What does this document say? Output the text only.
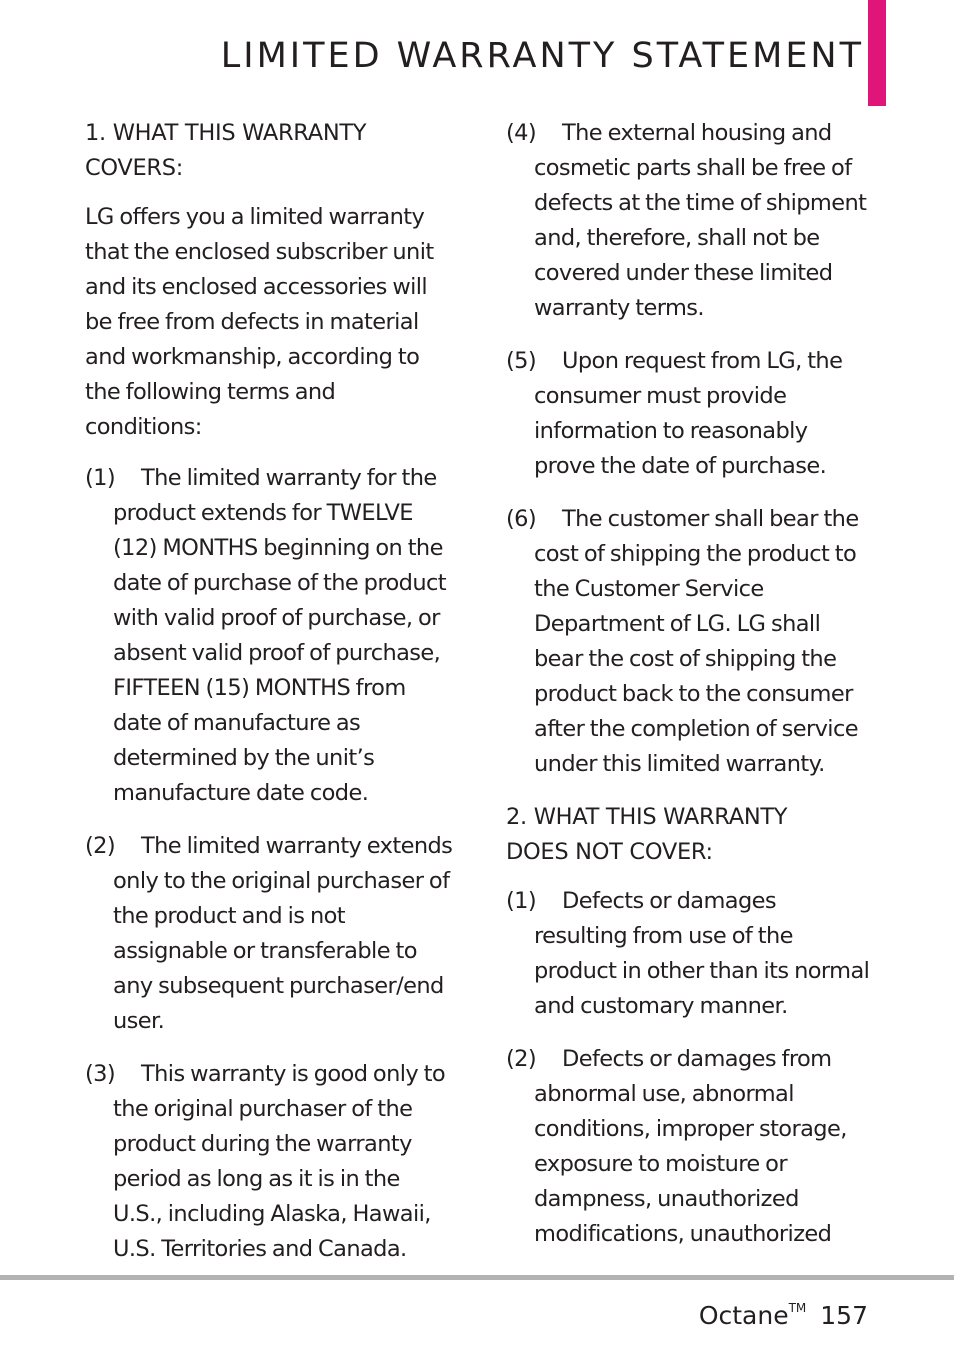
LIMITED WARRANTY STATEMENT
1. WHAT THIS WARRANTY
COVERS:

LG offers you a limited warranty that the enclosed subscriber unit and its enclosed accessories will be free from defects in material and workmanship, according to the following terms and conditions:

(1) The limited warranty for the product extends for TWELVE (12) MONTHS beginning on the date of purchase of the product with valid proof of purchase, or absent valid proof of purchase, FIFTEEN (15) MONTHS from date of manufacture as determined by the unit’s manufacture date code.

(2) The limited warranty extends only to the original purchaser of the product and is not assignable or transferable to any subsequent purchaser/end user.

(3) This warranty is good only to the original purchaser of the product during the warranty period as long as it is in the U.S., including Alaska, Hawaii, U.S. Territories and Canada.

(4) The external housing and cosmetic parts shall be free of defects at the time of shipment and, therefore, shall not be covered under these limited warranty terms.

(5) Upon request from LG, the consumer must provide information to reasonably prove the date of purchase.

(6) The customer shall bear the cost of shipping the product to the Customer Service Department of LG. LG shall bear the cost of shipping the product back to the consumer after the completion of service under this limited warranty.

2. WHAT THIS WARRANTY
DOES NOT COVER:

(1) Defects or damages resulting from use of the product in other than its normal and customary manner.

(2) Defects or damages from abnormal use, abnormal conditions, improper storage, exposure to moisture or dampness, unauthorized modifications, unauthorized

Octane™ 157
